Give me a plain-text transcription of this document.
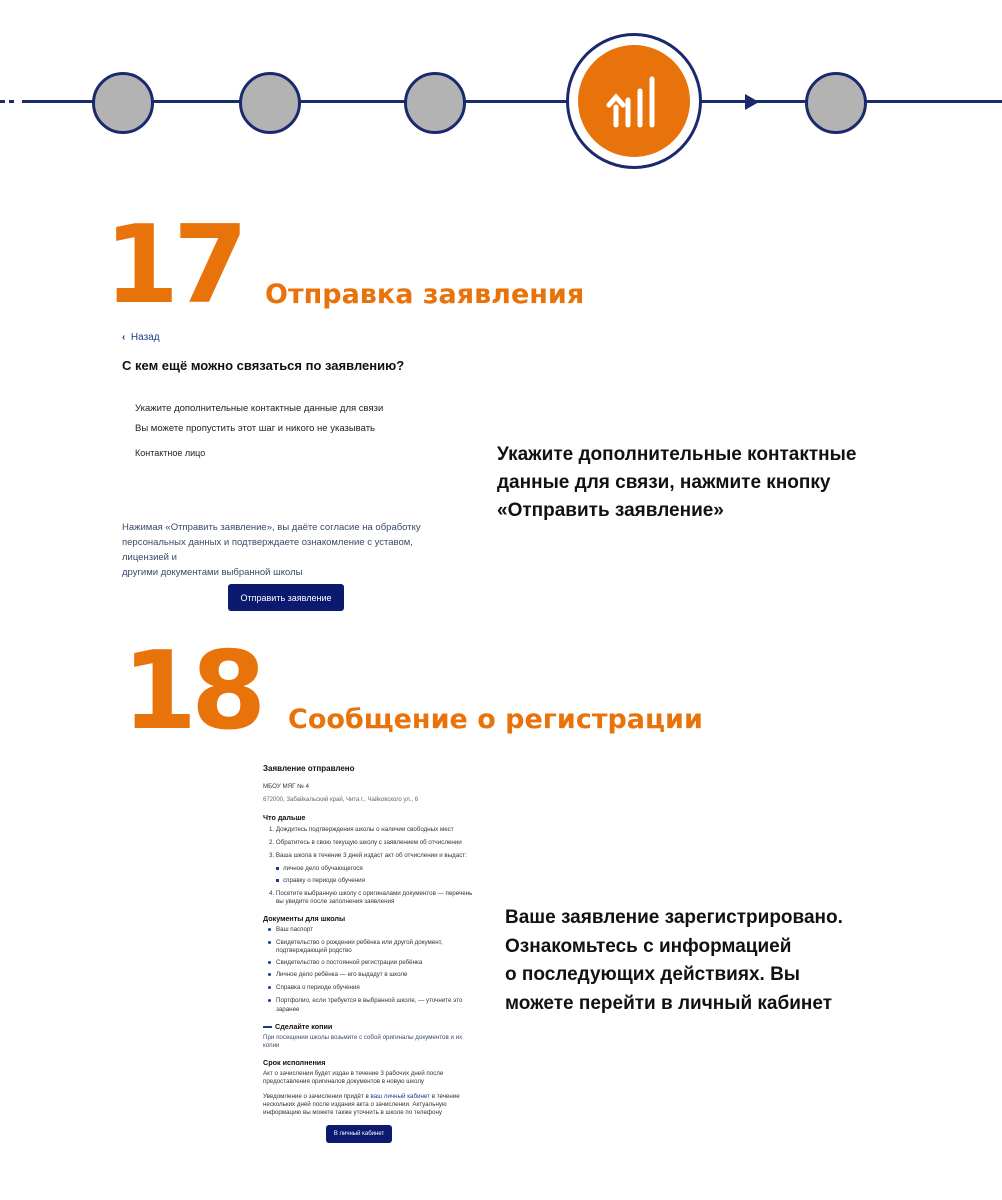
17 Отправка заявления
‹ Назад
С кем ещё можно связаться по заявлению?
Укажите дополнительные контактные данные для связи
Вы можете пропустить этот шаг и никого не указывать
Контактное лицо
Нажимая «Отправить заявление», вы даёте согласие на обработку
персональных данных и подтверждаете ознакомление с уставом, лицензией и
другими документами выбранной школы
Отправить заявление
Укажите дополнительные контактные
данные для связи, нажмите кнопку
«Отправить заявление»
18 Сообщение о регистрации
Заявление отправлено
МБОУ МЯГ № 4
672000, Забайкальский край, Чита г., Чайковского ул., 6
Что дальше
1. Дождитесь подтверждения школы о наличии свободных мест
2. Обратитесь в свою текущую школу с заявлением об отчислении
3. Ваша школа в течение 3 дней издаст акт об отчислении и выдаст:
личное дело обучающегося
справку о периоде обучения
4. Посетите выбранную школу с оригиналами документов — перечень
вы увидите после заполнения заявления
Документы для школы
Ваш паспорт
Свидетельство о рождении ребёнка или другой документ,
подтверждающий родство
Свидетельство о постоянной регистрации ребёнка
Личное дело ребёнка — его выдадут в школе
Справка о периоде обучения
Портфолио, если требуется в выбранной школе, — уточните это
заранее
Сделайте копии
При посещении школы возьмите с собой оригиналы документов и их
копии
Срок исполнения
Акт о зачислении будет издан в течение 3 рабочих дней после
предоставления оригиналов документов в новую школу
Уведомление о зачислении придёт в ваш личный кабинет в течение
нескольких дней после издания акта о зачислении. Актуальную
информацию вы можете также уточнить в школе по телефону
В личный кабинет
Ваше заявление зарегистрировано.
Ознакомьтесь с информацией
о последующих действиях. Вы
можете перейти в личный кабинет
